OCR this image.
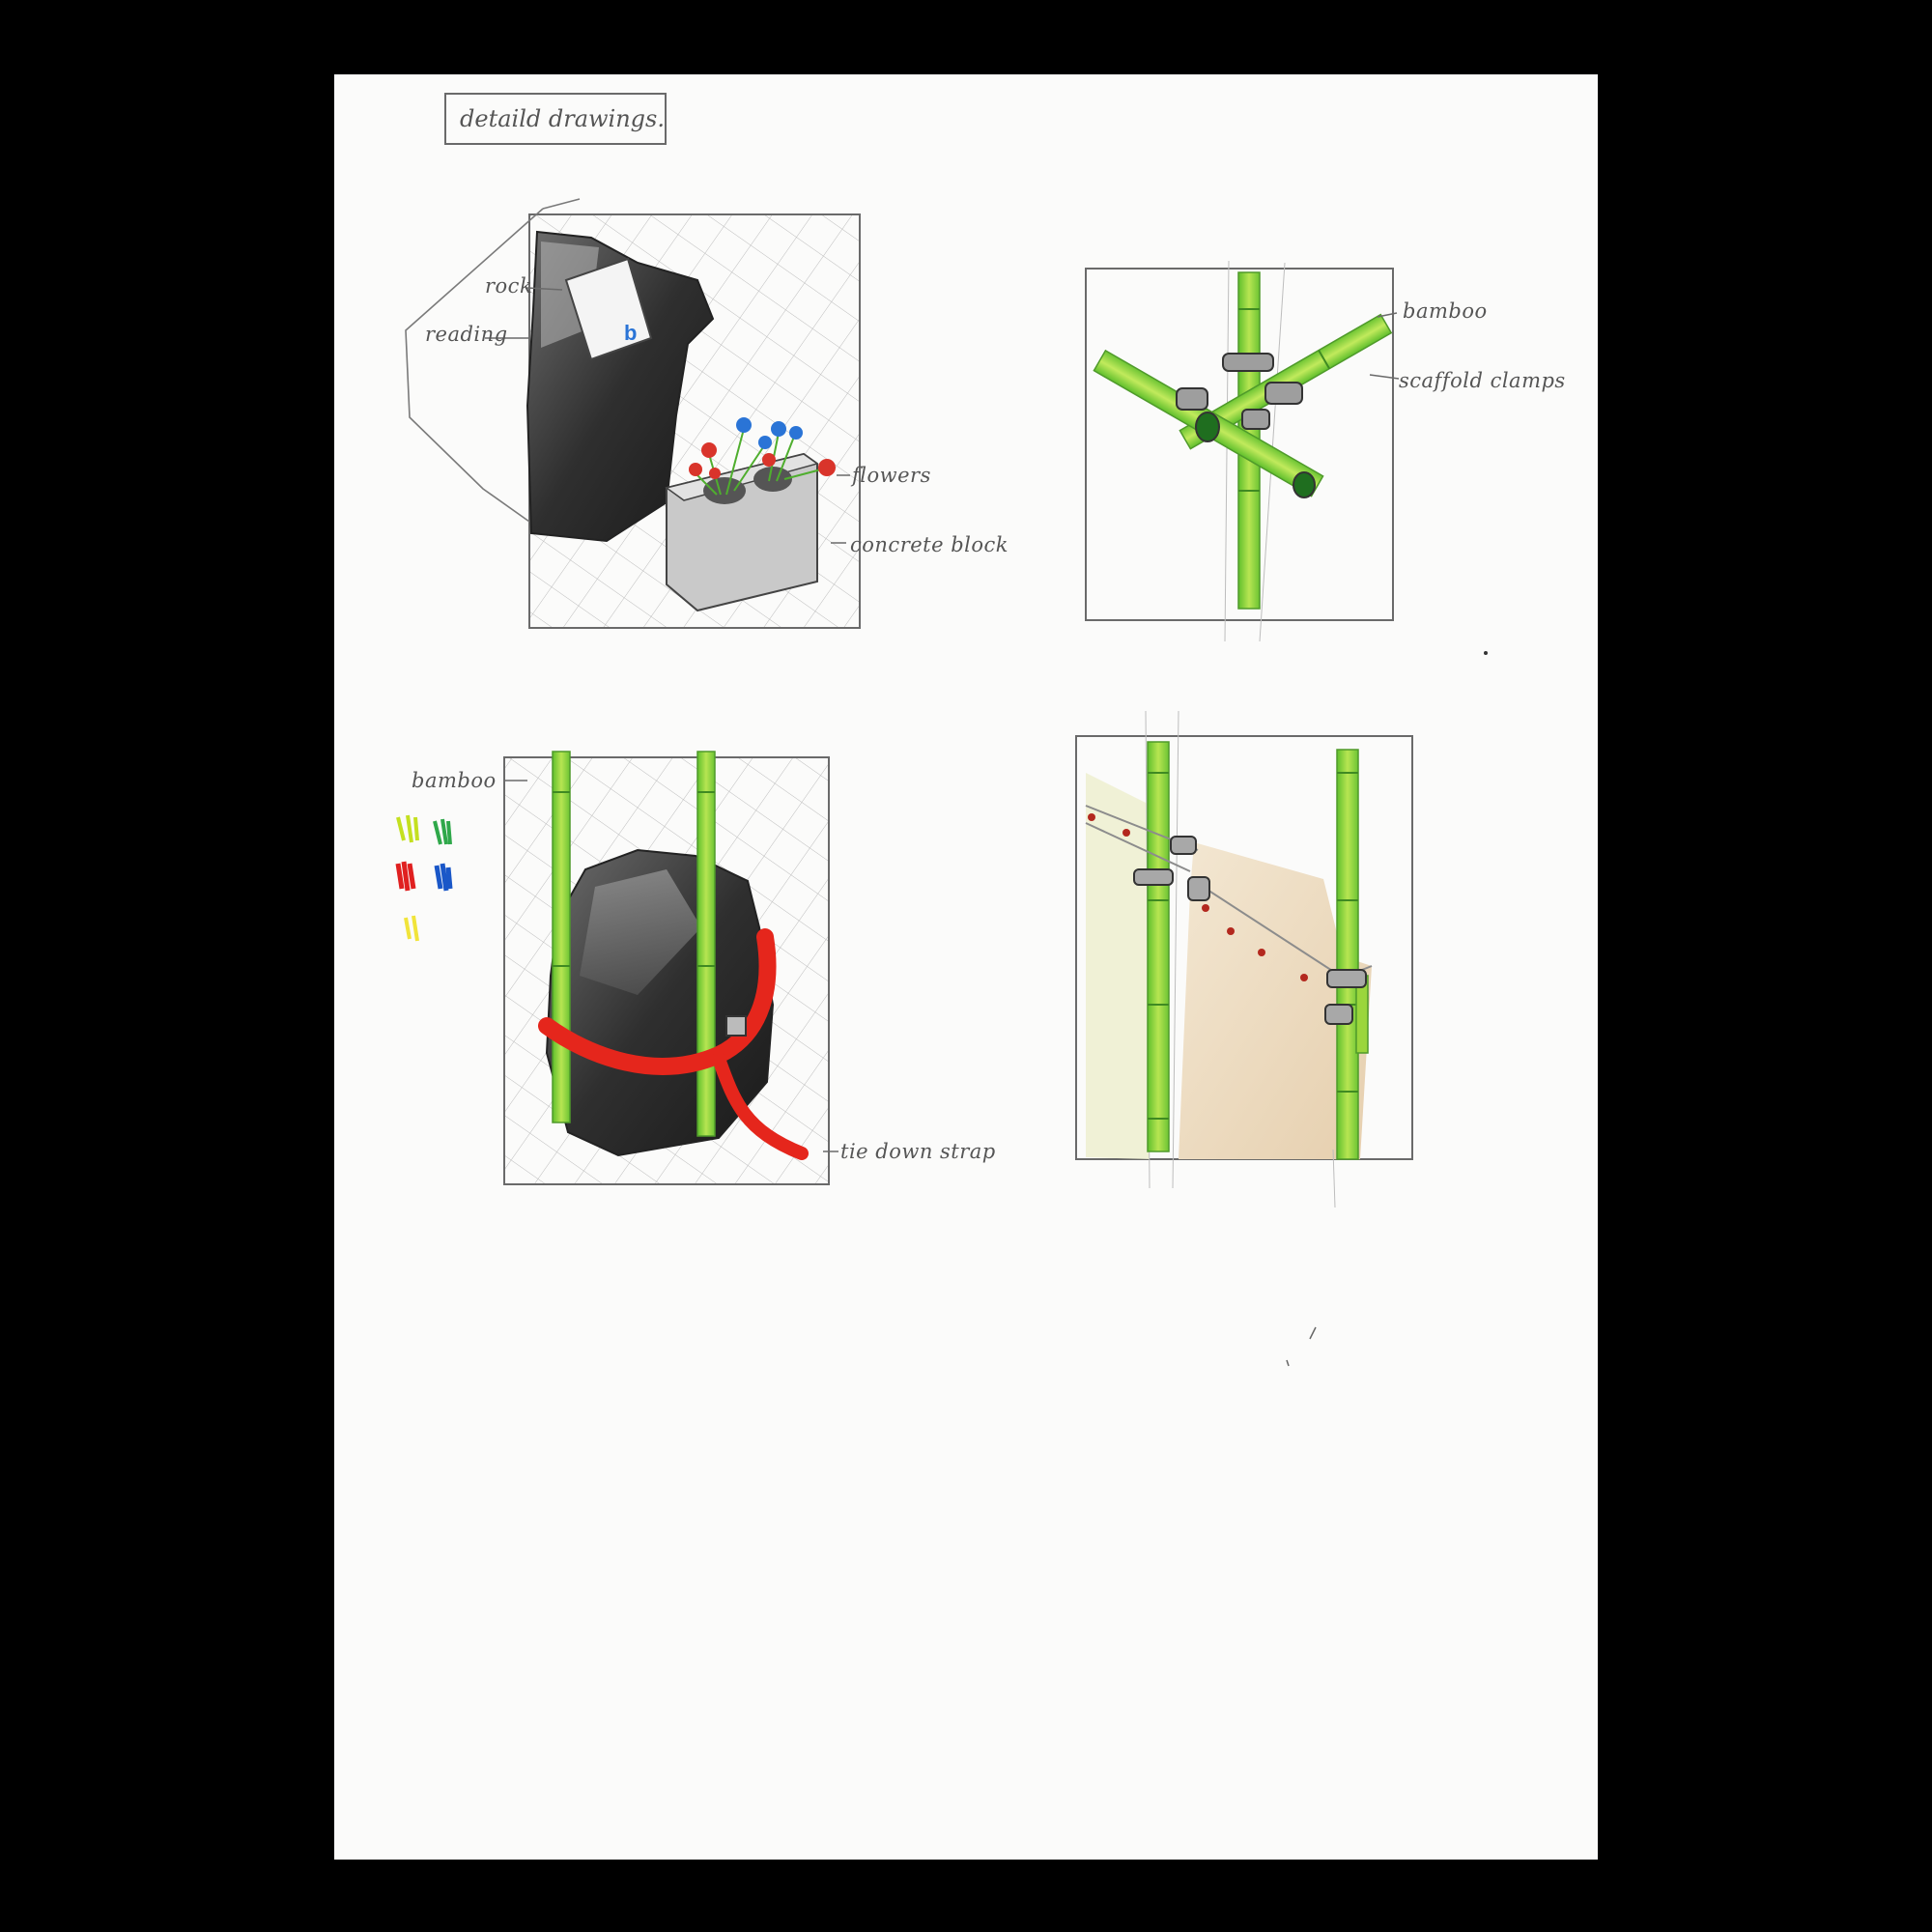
b
detaild drawings.
rock
reading
flowers
concrete block
bamboo
scaffold clamps
bamboo
tie down strap
